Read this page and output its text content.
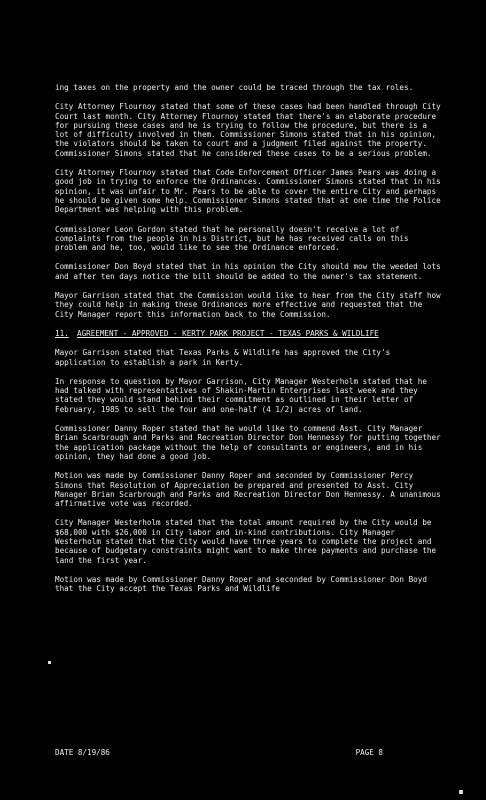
ing taxes on the property and the owner could be traced through the tax roles.

City Attorney Flournoy stated that some of these cases had been handled through City Court last month. City Attorney Flournoy stated that there's an elaborate procedure for pursuing these cases and he is trying to follow the procedure, but there is a lot of difficulty involved in them. Commissioner Simons stated that in his opinion, the violators should be taken to court and a judgment filed against the property. Commissioner Simons stated that he considered these cases to be a serious problem.

City Attorney Flournoy stated that Code Enforcement Officer James Pears was doing a good job in trying to enforce the Ordinances. Commissioner Simons stated that in his opinion, it was unfair to Mr. Pears to be able to cover the entire City and perhaps he should be given some help. Commissioner Simons stated that at one time the Police Department was helping with this problem.

Commissioner Leon Gordon stated that he personally doesn't receive a lot of complaints from the people in his District, but he has received calls on this problem and he, too, would like to see the Ordinance enforced.

Commissioner Don Boyd stated that in his opinion the City should mow the weeded lots and after ten days notice the bill should be added to the owner's tax statement.

Mayor Garrison stated that the Commission would like to hear from the City staff how they could help in making these Ordinances more effective and requested that the City Manager report this information back to the Commission.

11.	AGREEMENT - APPROVED - KERTY PARK PROJECT - TEXAS PARKS & WILDLIFE

Mayor Garrison stated that Texas Parks & Wildlife has approved the City's application to establish a park in Kerty.

In response to question by Mayor Garrison, City Manager Westerholm stated that he had talked with representatives of Shakin-Martin Enterprises last week and they stated they would stand behind their commitment as outlined in their letter of February, 1985 to sell the four and one-half (4 1/2) acres of land.

Commissioner Danny Roper stated that he would like to commend Asst. City Manager Brian Scarbrough and Parks and Recreation Director Don Hennessy for putting together the application package without the help of consultants or engineers, and in his opinion, they had done a good job.

Motion was made by Commissioner Danny Roper and seconded by Commissioner Percy Simons that Resolution of Appreciation be prepared and presented to Asst. City Manager Brian Scarbrough and Parks and Recreation Director Don Hennessy. A unanimous affirmative vote was recorded.

City Manager Westerholm stated that the total amount required by the City would be $68,000 with $26,000 in City labor and in-kind contributions. City Manager Westerholm stated that the City would have three years to complete the project and because of budgetary constraints might want to make three payments and purchase the land the first year.

Motion was made by Commissioner Danny Roper and seconded by Commissioner Don Boyd that the City accept the Texas Parks and Wildlife

DATE 8/19/86	PAGE 8
